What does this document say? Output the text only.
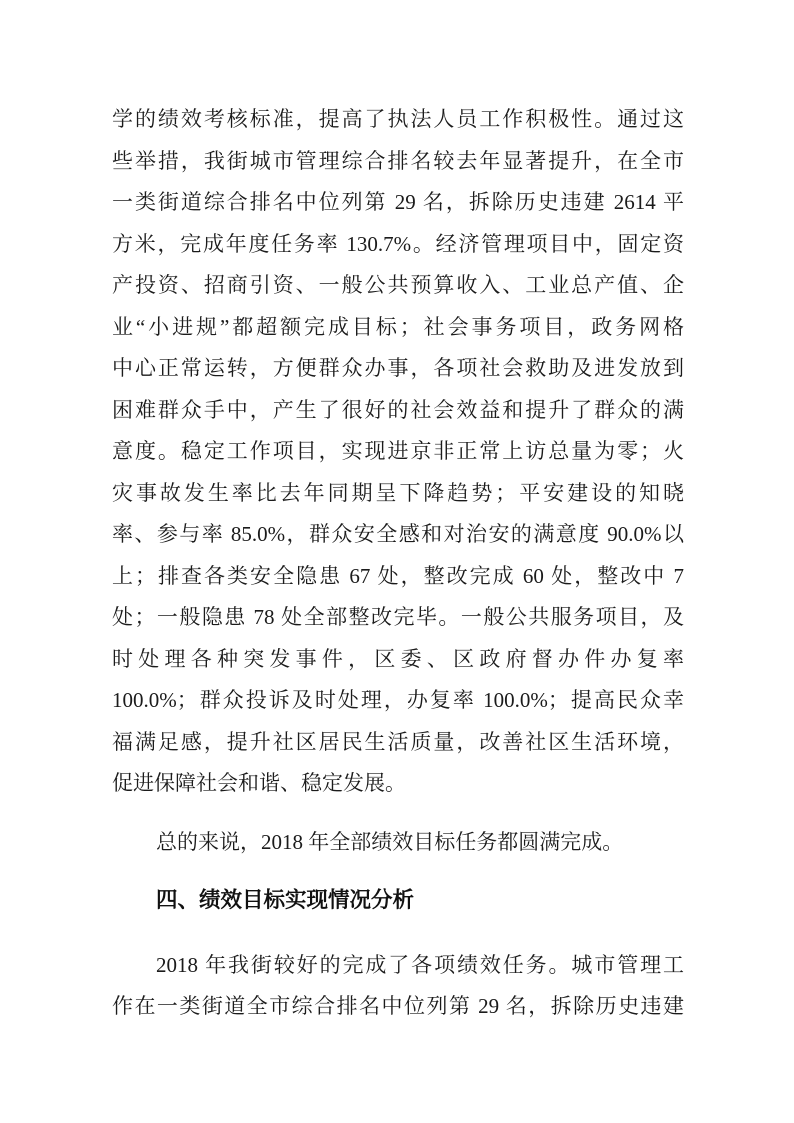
学的绩效考核标准，提高了执法人员工作积极性。通过这
些举措，我街城市管理综合排名较去年显著提升，在全市
一类街道综合排名中位列第 29 名，拆除历史违建 2614 平
方米，完成年度任务率 130.7%。经济管理项目中，固定资
产投资、招商引资、一般公共预算收入、工业总产值、企
业“小进规”都超额完成目标；社会事务项目，政务网格
中心正常运转，方便群众办事，各项社会救助及进发放到
困难群众手中，产生了很好的社会效益和提升了群众的满
意度。稳定工作项目，实现进京非正常上访总量为零；火
灾事故发生率比去年同期呈下降趋势；平安建设的知晓
率、参与率 85.0%，群众安全感和对治安的满意度 90.0%以
上；排查各类安全隐患 67 处，整改完成 60 处，整改中 7
处；一般隐患 78 处全部整改完毕。一般公共服务项目，及
时处理各种突发事件，区委、区政府督办件办复率
100.0%；群众投诉及时处理，办复率 100.0%；提高民众幸
福满足感，提升社区居民生活质量，改善社区生活环境，
促进保障社会和谐、稳定发展。

总的来说，2018 年全部绩效目标任务都圆满完成。

四、绩效目标实现情况分析
2018 年我街较好的完成了各项绩效任务。城市管理工
作在一类街道全市综合排名中位列第 29 名，拆除历史违建
